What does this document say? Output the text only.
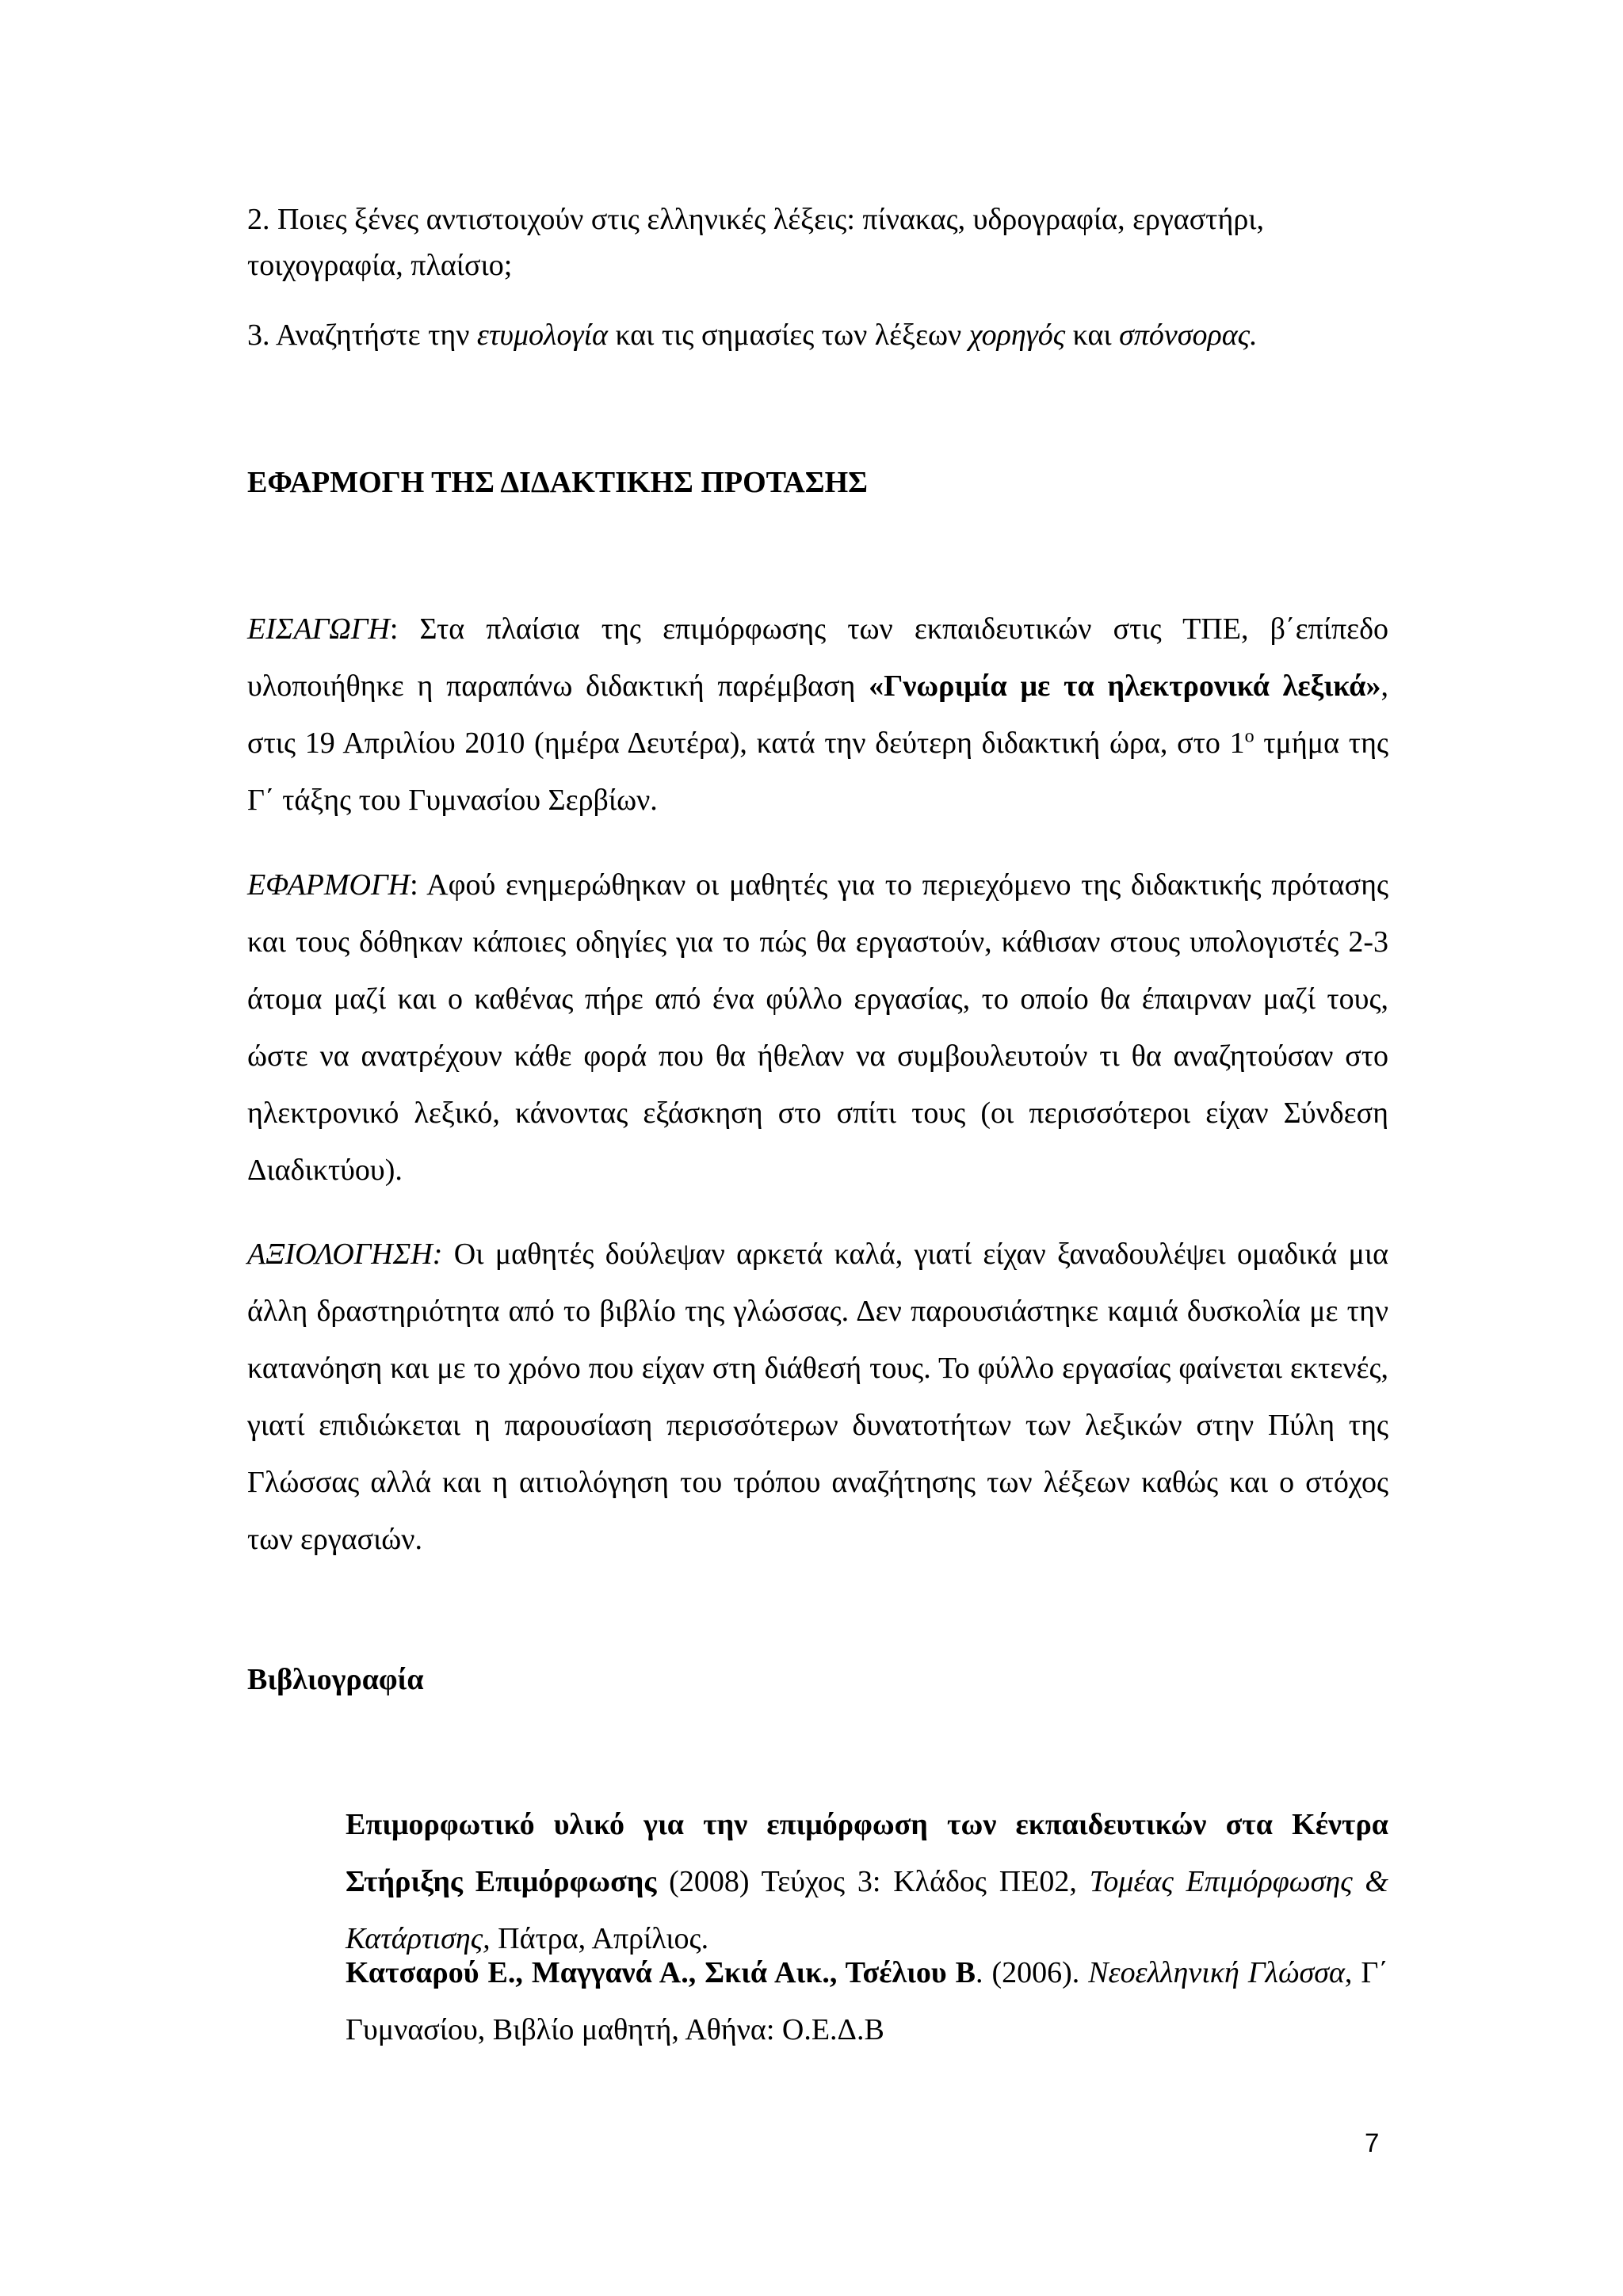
2. Ποιες ξένες αντιστοιχούν στις ελληνικές λέξεις: πίνακας, υδρογραφία, εργαστήρι,
τοιχογραφία, πλαίσιο;
3. Αναζητήστε την ετυμολογία και τις σημασίες των λέξεων χορηγός και σπόνσορας.
ΕΦΑΡΜΟΓΗ ΤΗΣ ΔΙΔΑΚΤΙΚΗΣ ΠΡΟΤΑΣΗΣ
ΕΙΣΑΓΩΓΗ: Στα πλαίσια της επιμόρφωσης των εκπαιδευτικών στις ΤΠΕ, β΄επίπεδο υλοποιήθηκε η παραπάνω διδακτική παρέμβαση «Γνωριμία με τα ηλεκτρονικά λεξικά», στις 19 Απριλίου 2010 (ημέρα Δευτέρα), κατά την δεύτερη διδακτική ώρα, στο $1^o$ τμήμα της Γ΄ τάξης του Γυμνασίου Σερβίων.
ΕΦΑΡΜΟΓΗ: Αφού ενημερώθηκαν οι μαθητές για το περιεχόμενο της διδακτικής πρότασης και τους δόθηκαν κάποιες οδηγίες για το πώς θα εργαστούν, κάθισαν στους υπολογιστές 2-3 άτομα μαζί και ο καθένας πήρε από ένα φύλλο εργασίας, το οποίο θα έπαιρναν μαζί τους, ώστε να ανατρέχουν κάθε φορά που θα ήθελαν να συμβουλευτούν τι θα αναζητούσαν στο ηλεκτρονικό λεξικό, κάνοντας εξάσκηση στο σπίτι τους (οι περισσότεροι είχαν Σύνδεση Διαδικτύου).
ΑΞΙΟΛΟΓΗΣΗ: Οι μαθητές δούλεψαν αρκετά καλά, γιατί είχαν ξαναδουλέψει ομαδικά μια άλλη δραστηριότητα από το βιβλίο της γλώσσας. Δεν παρουσιάστηκε καμιά δυσκολία με την κατανόηση και με το χρόνο που είχαν στη διάθεσή τους. Το φύλλο εργασίας φαίνεται εκτενές, γιατί επιδιώκεται η παρουσίαση περισσότερων δυνατοτήτων των λεξικών στην Πύλη της Γλώσσας αλλά και η αιτιολόγηση του τρόπου αναζήτησης των λέξεων καθώς και ο στόχος των εργασιών.
Βιβλιογραφία
Επιμορφωτικό υλικό για την επιμόρφωση των εκπαιδευτικών στα Κέντρα Στήριξης Επιμόρφωσης (2008) Τεύχος 3: Κλάδος ΠΕ02, Τομέας Επιμόρφωσης & Κατάρτισης, Πάτρα, Απρίλιος.
Κατσαρού Ε., Μαγγανά Α., Σκιά Αικ., Τσέλιου Β. (2006). Νεοελληνική Γλώσσα, Γ΄ Γυμνασίου, Βιβλίο μαθητή, Αθήνα: Ο.Ε.Δ.Β
7
